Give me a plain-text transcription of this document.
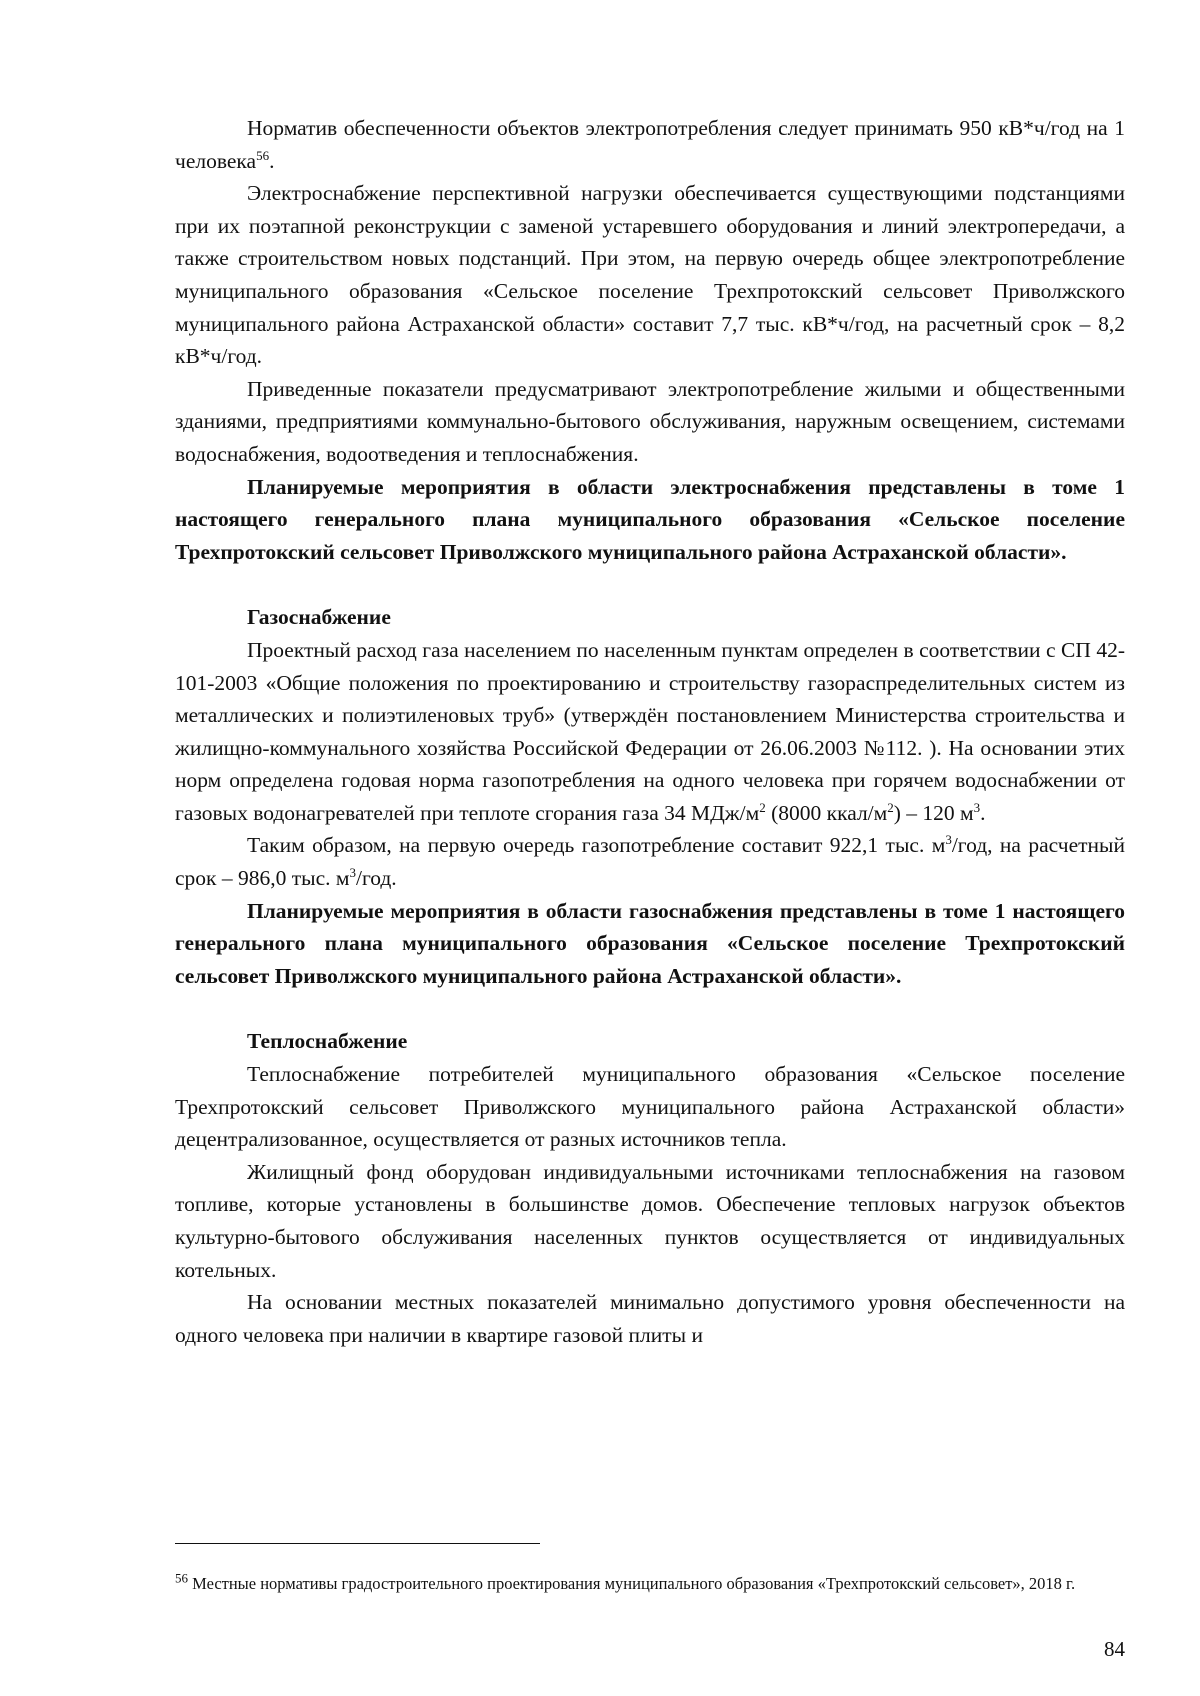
Норматив обеспеченности объектов электропотребления следует принимать 950 кВ*ч/год на 1 человека$^{56}$.

Электроснабжение перспективной нагрузки обеспечивается существующими подстанциями при их поэтапной реконструкции с заменой устаревшего оборудования и линий электропередачи, а также строительством новых подстанций. При этом, на первую очередь общее электропотребление муниципального образования «Сельское поселение Трехпротокский сельсовет Приволжского муниципального района Астраханской области» составит 7,7 тыс. кВ*ч/год, на расчетный срок – 8,2 кВ*ч/год.

Приведенные показатели предусматривают электропотребление жилыми и общественными зданиями, предприятиями коммунально-бытового обслуживания, наружным освещением, системами водоснабжения, водоотведения и теплоснабжения.

Планируемые мероприятия в области электроснабжения представлены в томе 1 настоящего генерального плана муниципального образования «Сельское поселение Трехпротокский сельсовет Приволжского муниципального района Астраханской области».

Газоснабжение

Проектный расход газа населением по населенным пунктам определен в соответствии с СП 42-101-2003 «Общие положения по проектированию и строительству газораспределительных систем из металлических и полиэтиленовых труб» (утверждён постановлением Министерства строительства и жилищно-коммунального хозяйства Российской Федерации от 26.06.2003 №112. ). На основании этих норм определена годовая норма газопотребления на одного человека при горячем водоснабжении от газовых водонагревателей при теплоте сгорания газа 34 МДж/$м^2$ (8000 ккал/$м^2) - 120$ $м^3$.

Таким образом, на первую очередь газопотребление составит 922,1 тыс. $м^3$/год, на расчетный срок – 986,0 тыс. $м^3$/год.

Планируемые мероприятия в области газоснабжения представлены в томе 1 настоящего генерального плана муниципального образования «Сельское поселение Трехпротокский сельсовет Приволжского муниципального района Астраханской области».

Теплоснабжение

Теплоснабжение потребителей муниципального образования «Сельское поселение Трехпротокский сельсовет Приволжского муниципального района Астраханской области» децентрализованное, осуществляется от разных источников тепла.

Жилищный фонд оборудован индивидуальными источниками теплоснабжения на газовом топливе, которые установлены в большинстве домов. Обеспечение тепловых нагрузок объектов культурно-бытового обслуживания населенных пунктов осуществляется от индивидуальных котельных.

На основании местных показателей минимально допустимого уровня обеспеченности на одного человека при наличии в квартире газовой плиты и

$^{56}$ Местные нормативы градостроительного проектирования муниципального образования «Трехпротокский сельсовет», 2018 г.

84
